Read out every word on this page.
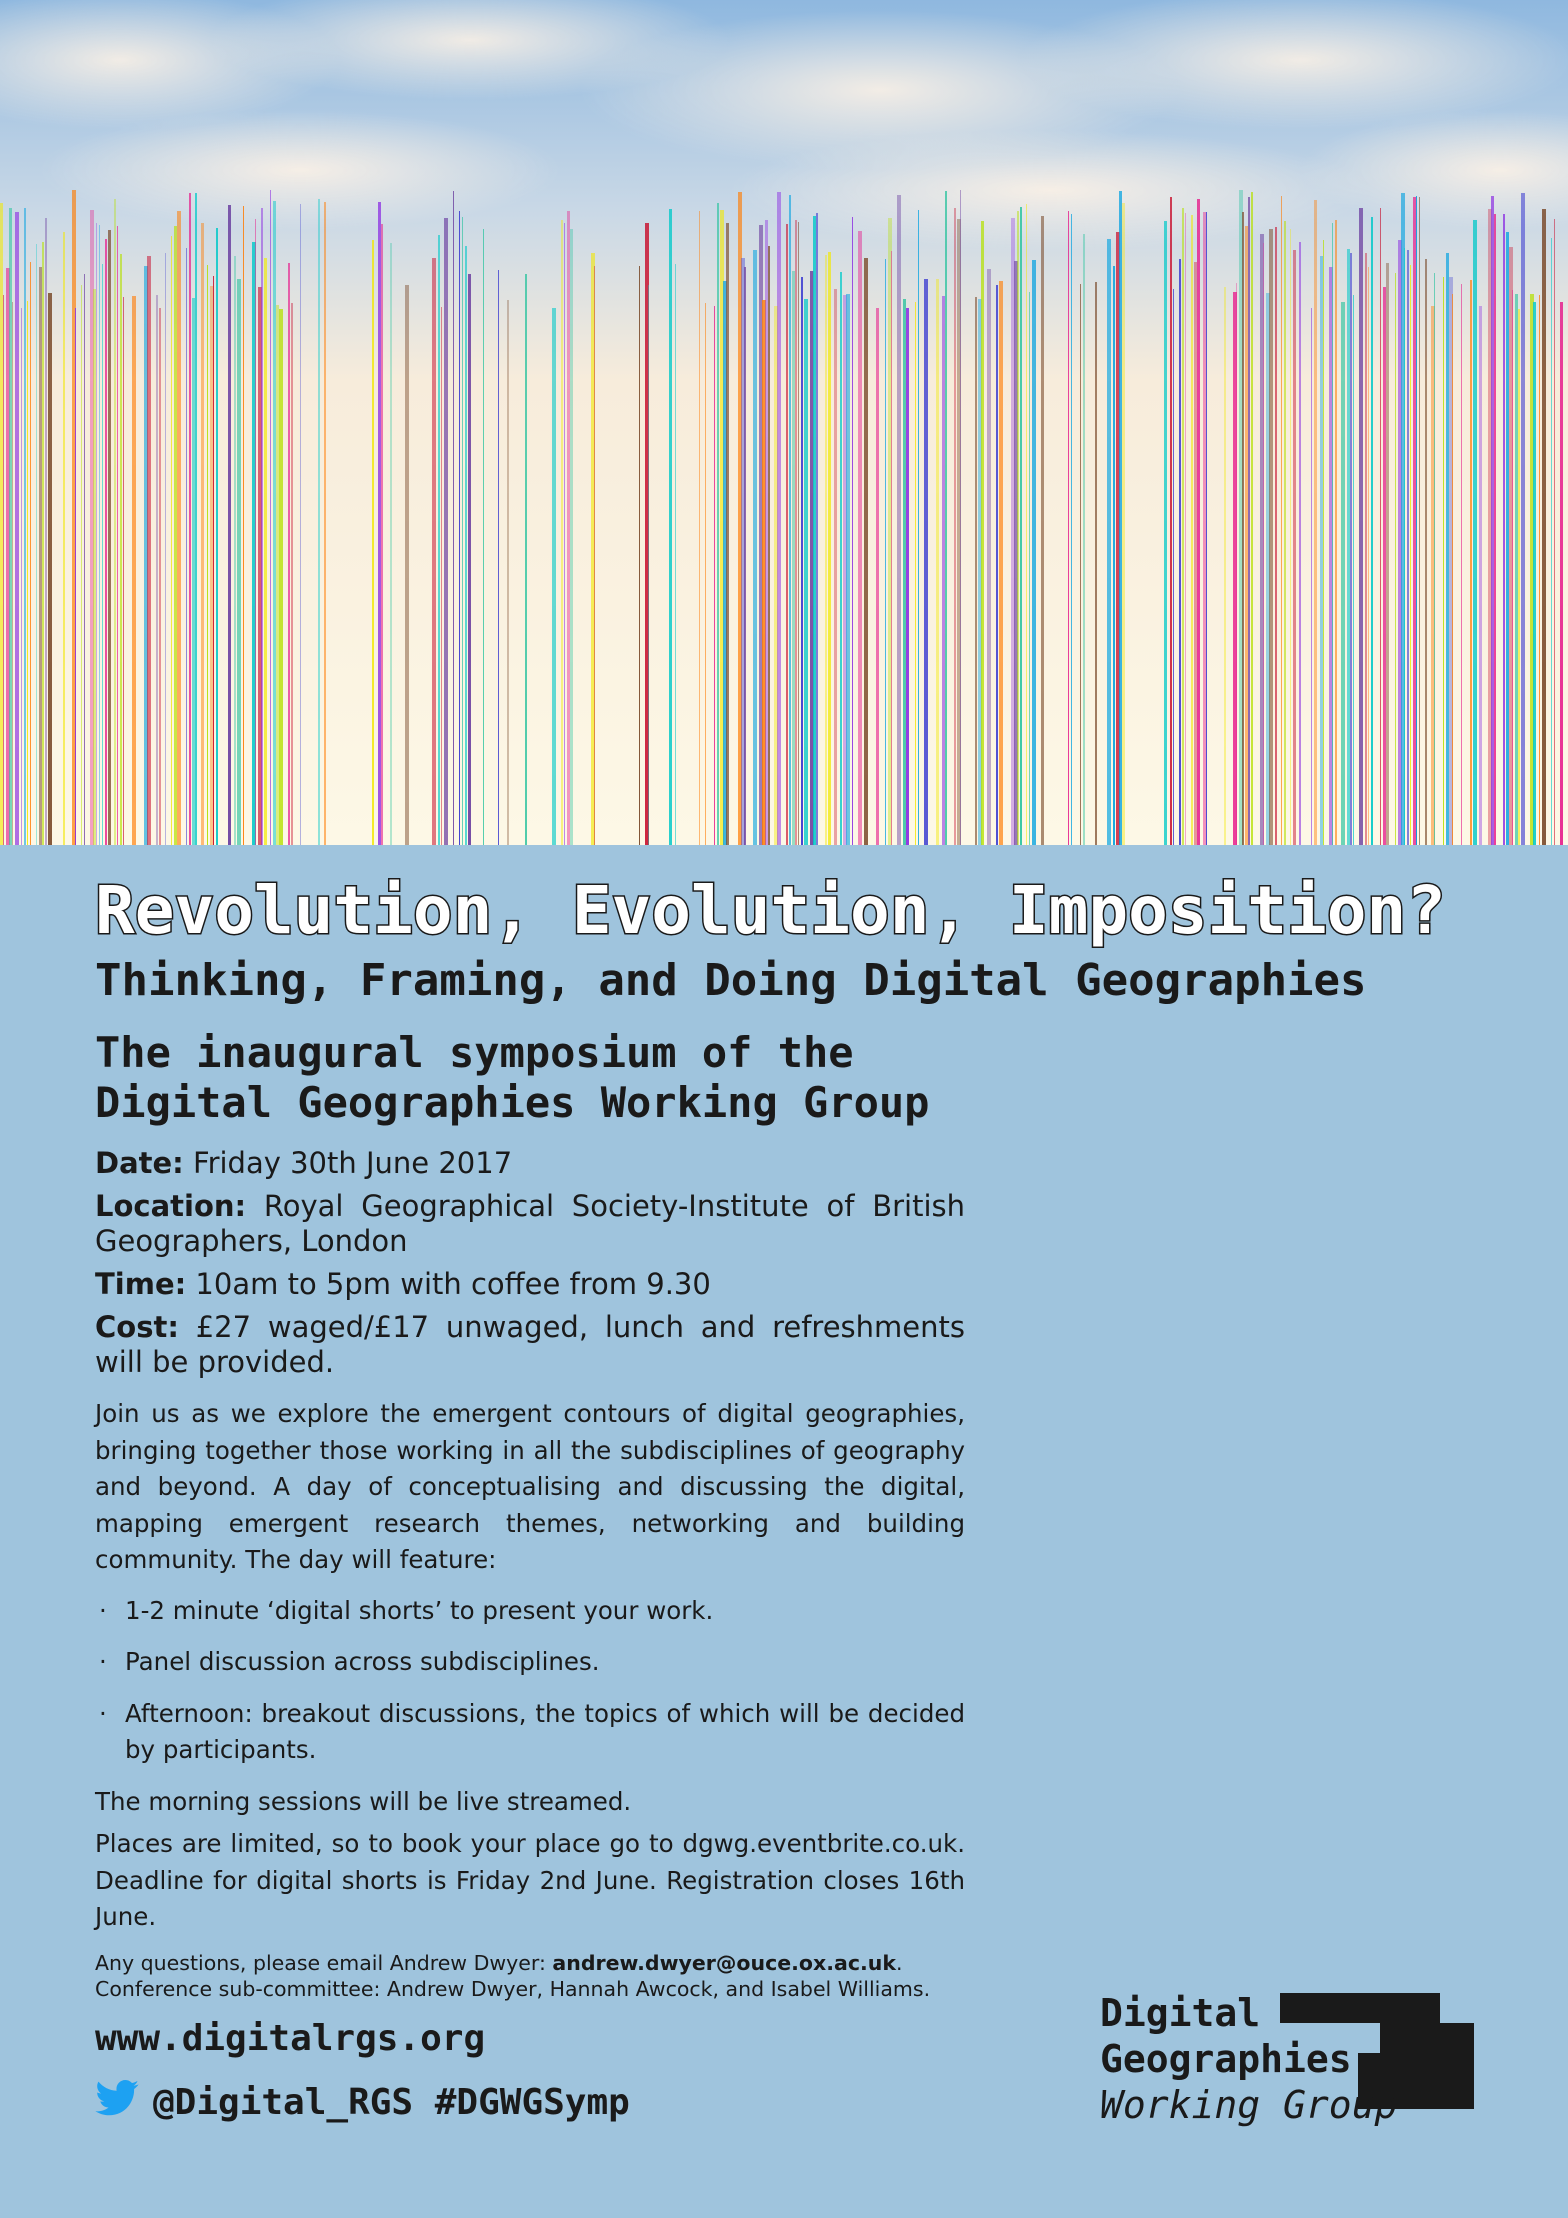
Revolution, Evolution, Imposition?
Thinking, Framing, and Doing Digital Geographies
The inaugural symposium of the
Digital Geographies Working Group

Date: Friday 30th June 2017

Location: Royal Geographical Society-Institute of British Geographers, London

Time: 10am to 5pm with coffee from 9.30

Cost: £27 waged/£17 unwaged, lunch and refreshments will be provided.

Join us as we explore the emergent contours of digital geographies, bringing together those working in all the subdisciplines of geography and beyond. A day of conceptualising and discussing the digital, mapping emergent research themes, networking and building community. The day will feature:

· 1-2 minute ‘digital shorts’ to present your work.
· Panel discussion across subdisciplines.
· Afternoon: breakout discussions, the topics of which will be decided by participants.

The morning sessions will be live streamed.

Places are limited, so to book your place go to dgwg.eventbrite.co.uk. Deadline for digital shorts is Friday 2nd June. Registration closes 16th June.

Any questions, please email Andrew Dwyer: andrew.dwyer@ouce.ox.ac.uk.
Conference sub-committee: Andrew Dwyer, Hannah Awcock, and Isabel Williams.

www.digitalrgs.org
@Digital_RGS #DGWGSymp
Digital
Geographies
Working Group
